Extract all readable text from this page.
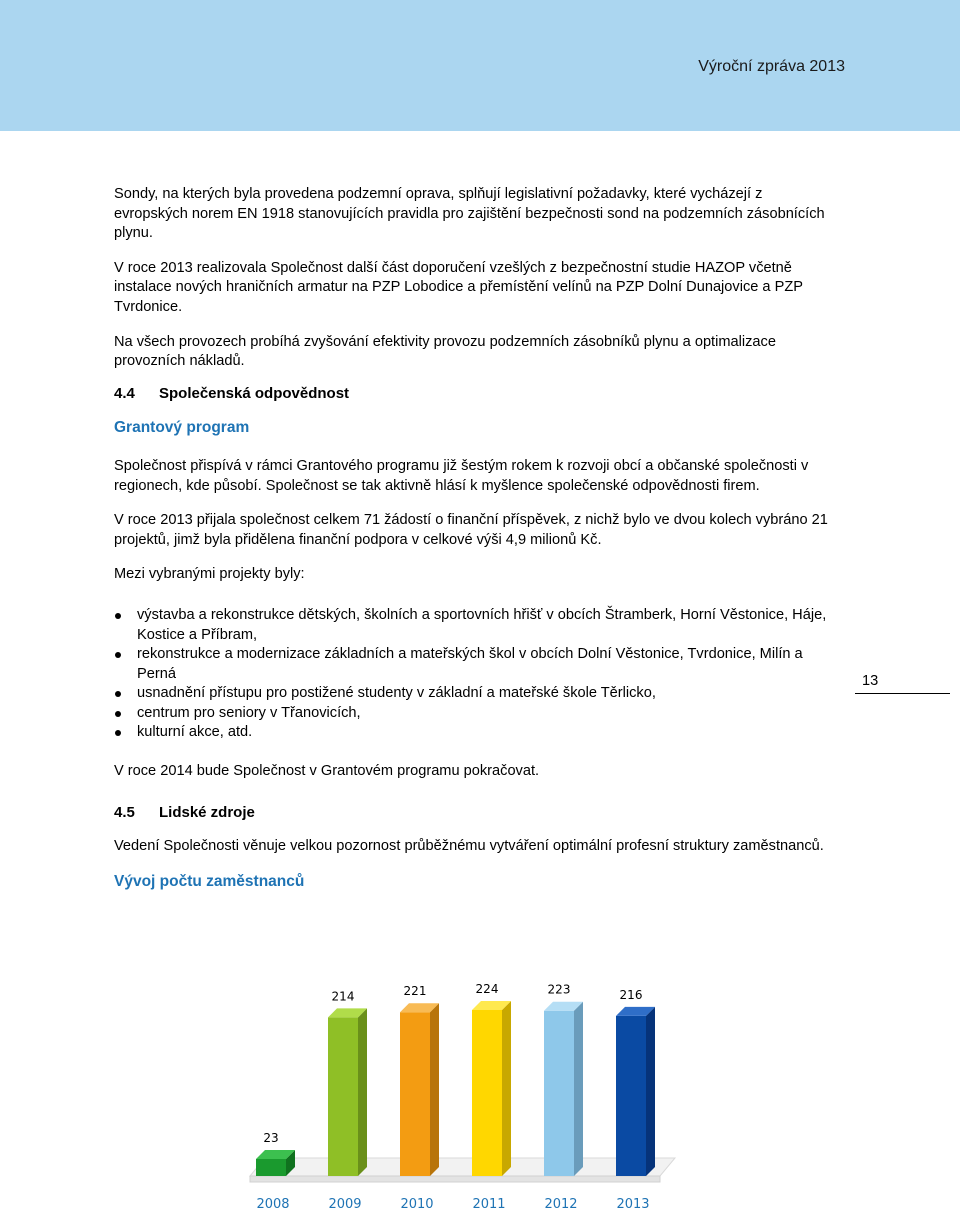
Výroční zpráva 2013

Sondy, na kterých byla provedena podzemní oprava, splňují legislativní požadavky, které vycházejí z evropských norem EN 1918 stanovujících pravidla pro zajištění bezpečnosti sond na podzemních zásobnících plynu.

V roce 2013 realizovala Společnost další část doporučení vzešlých z bezpečnostní studie HAZOP včetně instalace nových hraničních armatur na PZP Lobodice a přemístění velínů na PZP Dolní Dunajovice a PZP Tvrdonice.

Na všech provozech probíhá zvyšování efektivity provozu podzemních zásobníků plynu a optimalizace provozních nákladů.

4.4 Společenská odpovědnost
Grantový program

Společnost přispívá v rámci Grantového programu již šestým rokem k rozvoji obcí a občanské společnosti v regionech, kde působí. Společnost se tak aktivně hlásí k myšlence společenské odpovědnosti firem.

V roce 2013 přijala společnost celkem 71 žádostí o finanční příspěvek, z nichž bylo ve dvou kolech vybráno 21 projektů, jimž byla přidělena finanční podpora v celkové výši 4,9 milionů Kč.

Mezi vybranými projekty byly:

výstavba a rekonstrukce dětských, školních a sportovních hřišť v obcích Štramberk, Horní Věstonice, Háje, Kostice a Příbram,
rekonstrukce a modernizace základních a mateřských škol v obcích Dolní Věstonice, Tvrdonice, Milín a Perná
usnadnění přístupu pro postižené studenty v základní a mateřské škole Těrlicko,
centrum pro seniory v Třanovicích,
kulturní akce, atd.

V roce 2014 bude Společnost v Grantovém programu pokračovat.

4.5 Lidské zdroje

Vedení Společnosti věnuje velkou pozornost průběžnému vytváření optimální profesní struktury zaměstnanců.

Vývoj počtu zaměstnanců
13
23
2008
214
2009
221
2010
224
2011
223
2012
216
2013
